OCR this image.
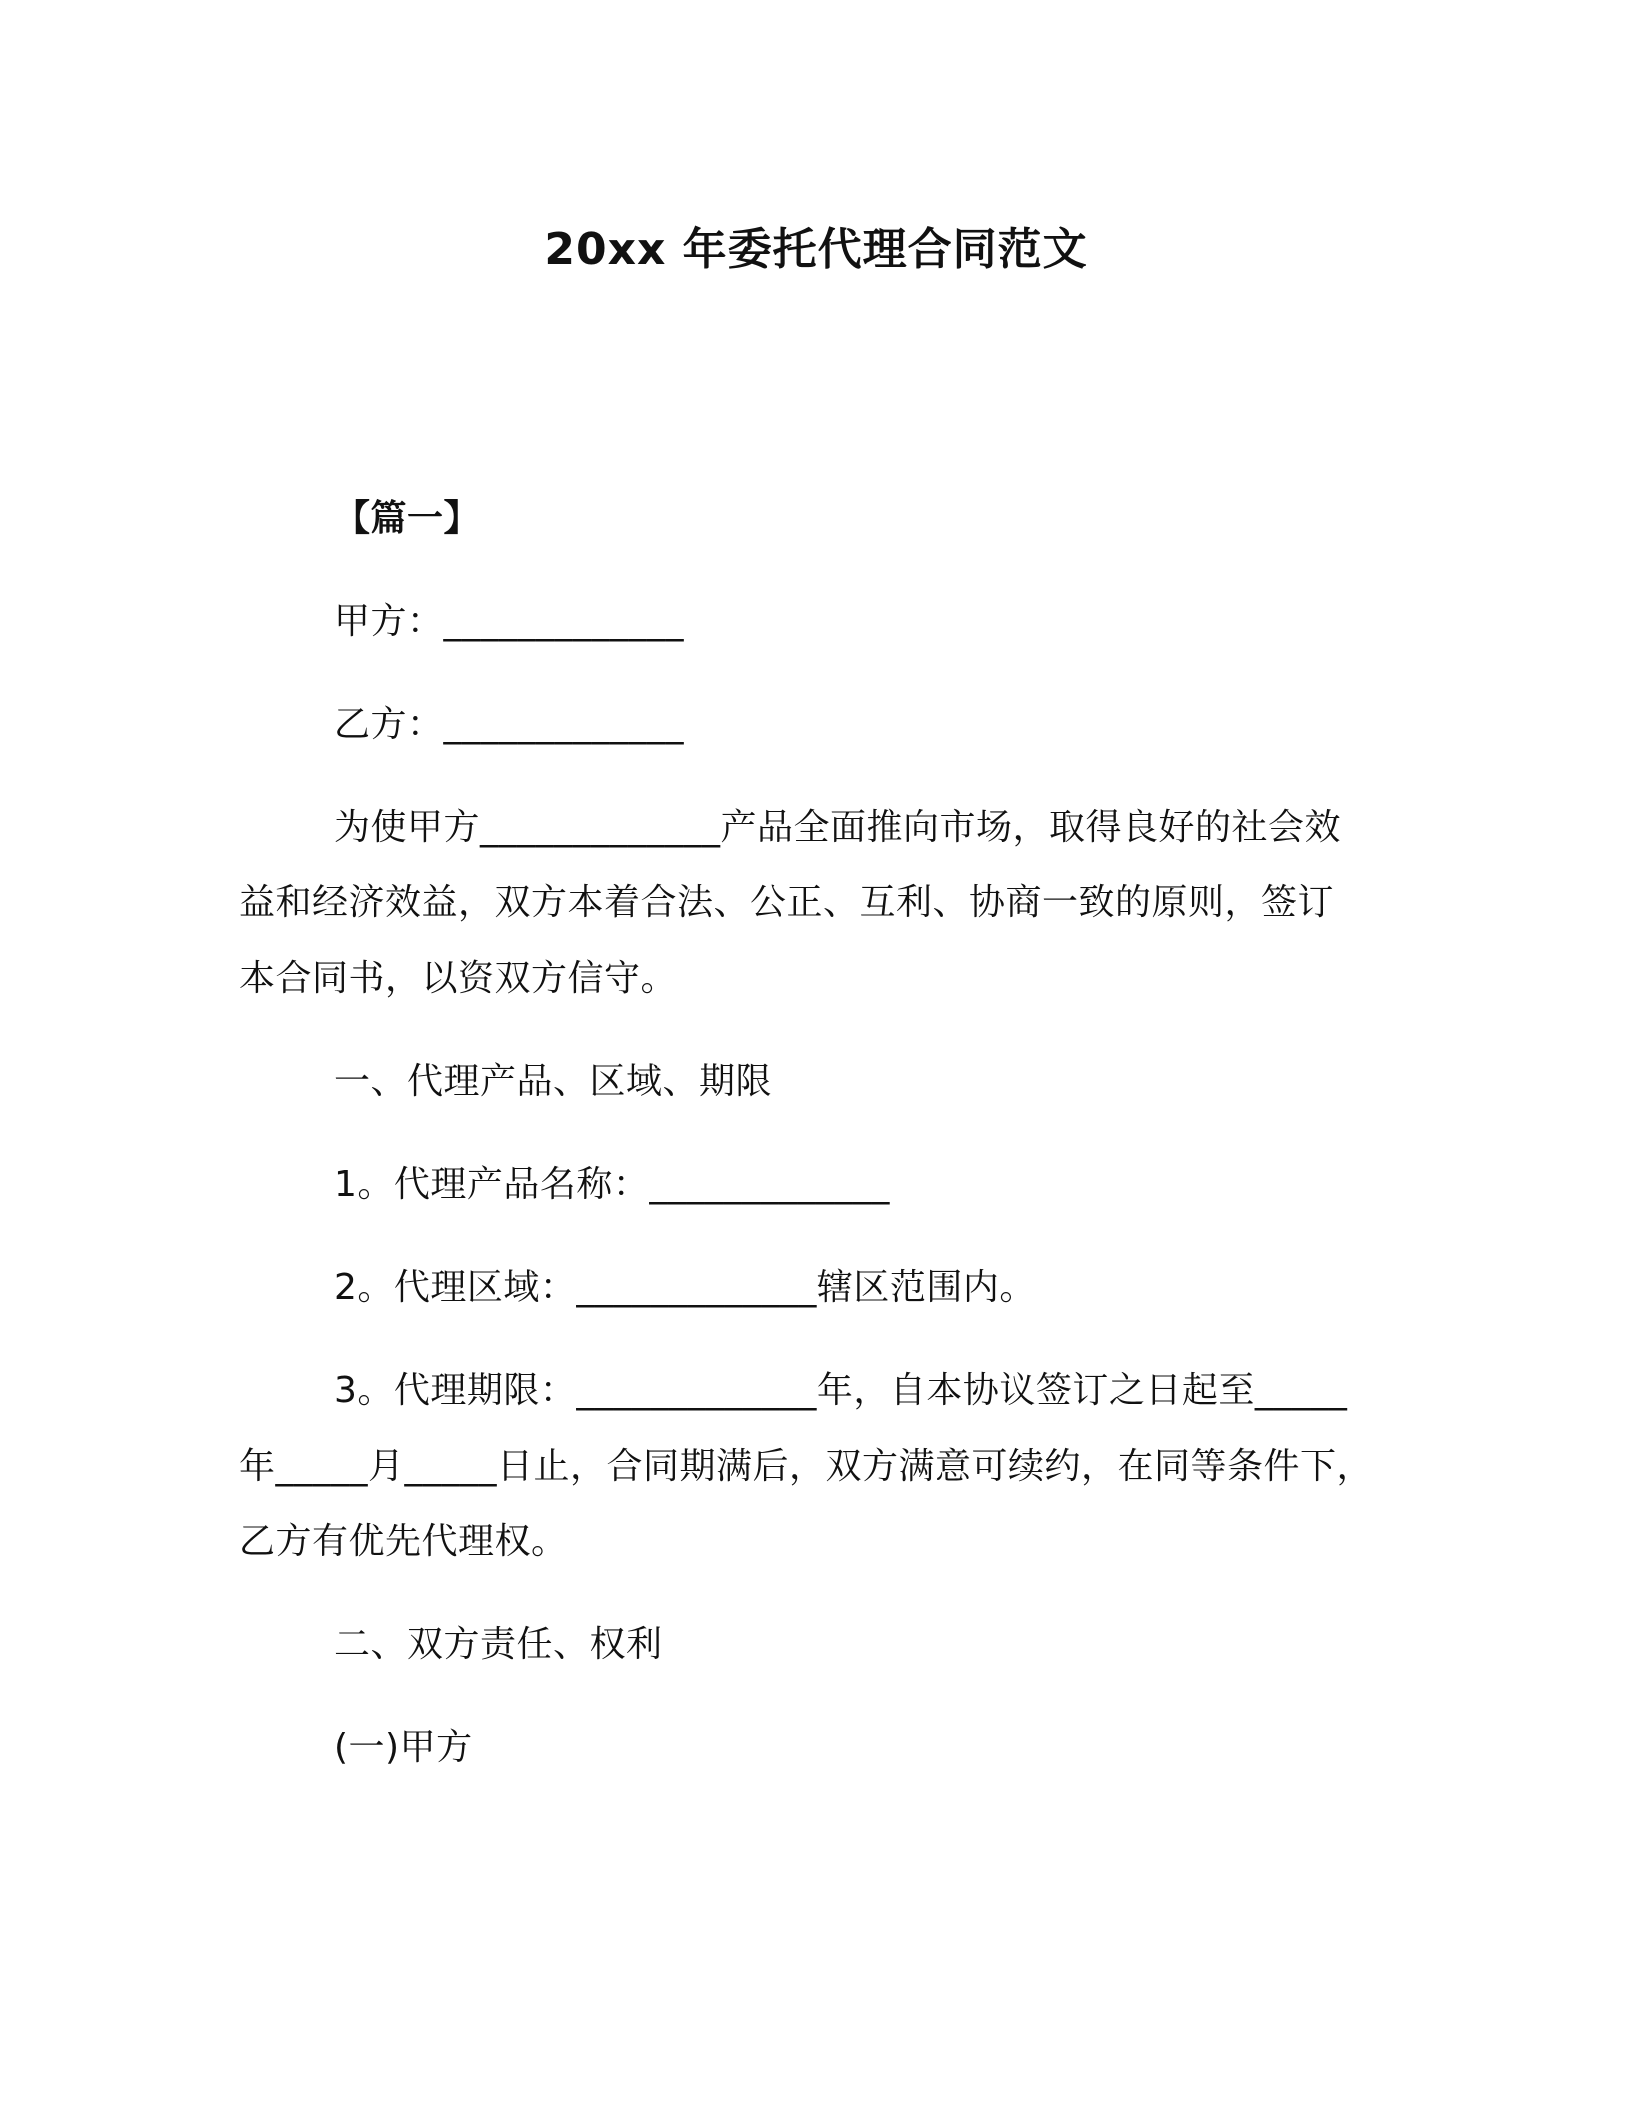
20xx 年委托代理合同范文
【篇一】
甲方：_____________
乙方：_____________
为使甲方_____________产品全面推向市场，取得良好的社会效
益和经济效益，双方本着合法、公正、互利、协商一致的原则，签订
本合同书，以资双方信守。
一、代理产品、区域、期限
1。代理产品名称：_____________
2。代理区域：_____________辖区范围内。
3。代理期限：_____________年，自本协议签订之日起至_____
年_____月_____日止，合同期满后，双方满意可续约，在同等条件下，
乙方有优先代理权。
二、双方责任、权利
(一)甲方
